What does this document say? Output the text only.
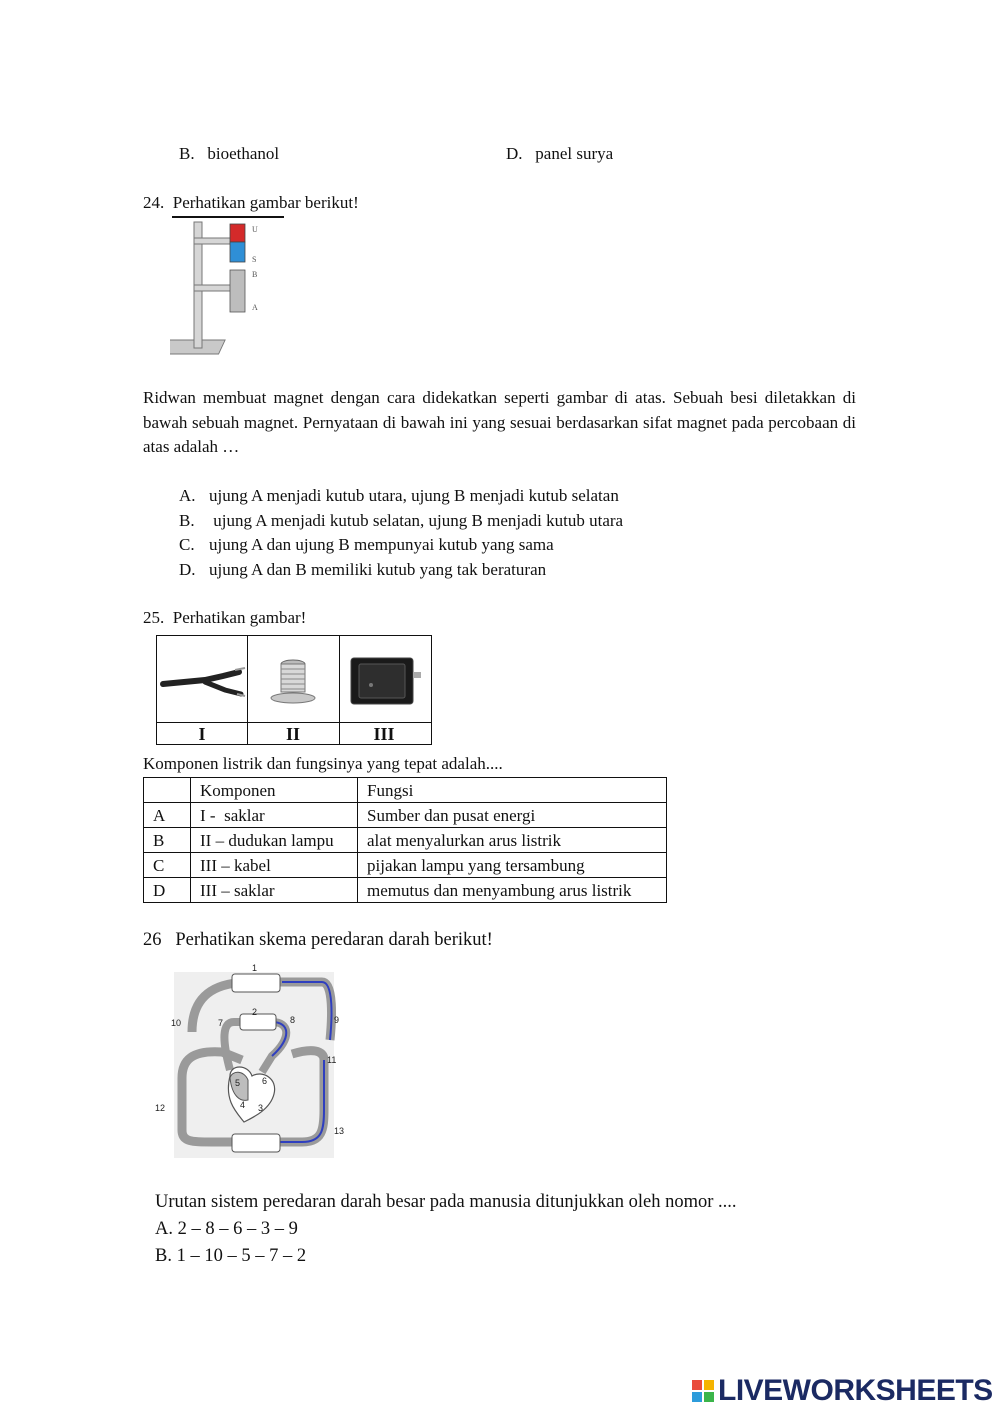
B. bioethanol	D. panel surya
24. Perhatikan gambar berikut!
U
S
B
A
Ridwan membuat magnet dengan cara didekatkan seperti gambar di atas. Sebuah besi diletakkan di bawah sebuah magnet. Pernyataan di bawah ini yang sesuai berdasarkan sifat magnet pada percobaan di atas adalah …
A. ujung A menjadi kutub utara, ujung B menjadi kutub selatan
B. ujung A menjadi kutub selatan, ujung B menjadi kutub utara
C. ujung A dan ujung B mempunyai kutub yang sama
D. ujung A dan B memiliki kutub yang tak beraturan
25. Perhatikan gambar!
I	II	III
Komponen listrik dan fungsinya yang tepat adalah....
	Komponen	Fungsi
A	I -  saklar	Sumber dan pusat energi
B	II – dudukan lampu	alat menyalurkan arus listrik
C	III – kabel	pijakan lampu yang tersambung
D	III – saklar	memutus dan menyambung arus listrik
26 Perhatikan skema peredaran darah berikut!
1
2
3
4
5 6
7	8	9
10
11
12
13
Urutan sistem peredaran darah besar pada manusia ditunjukkan oleh nomor ....
A. 2 – 8 – 6 – 3 – 9
B. 1 – 10 – 5 – 7 – 2
LIVEWORKSHEETS
